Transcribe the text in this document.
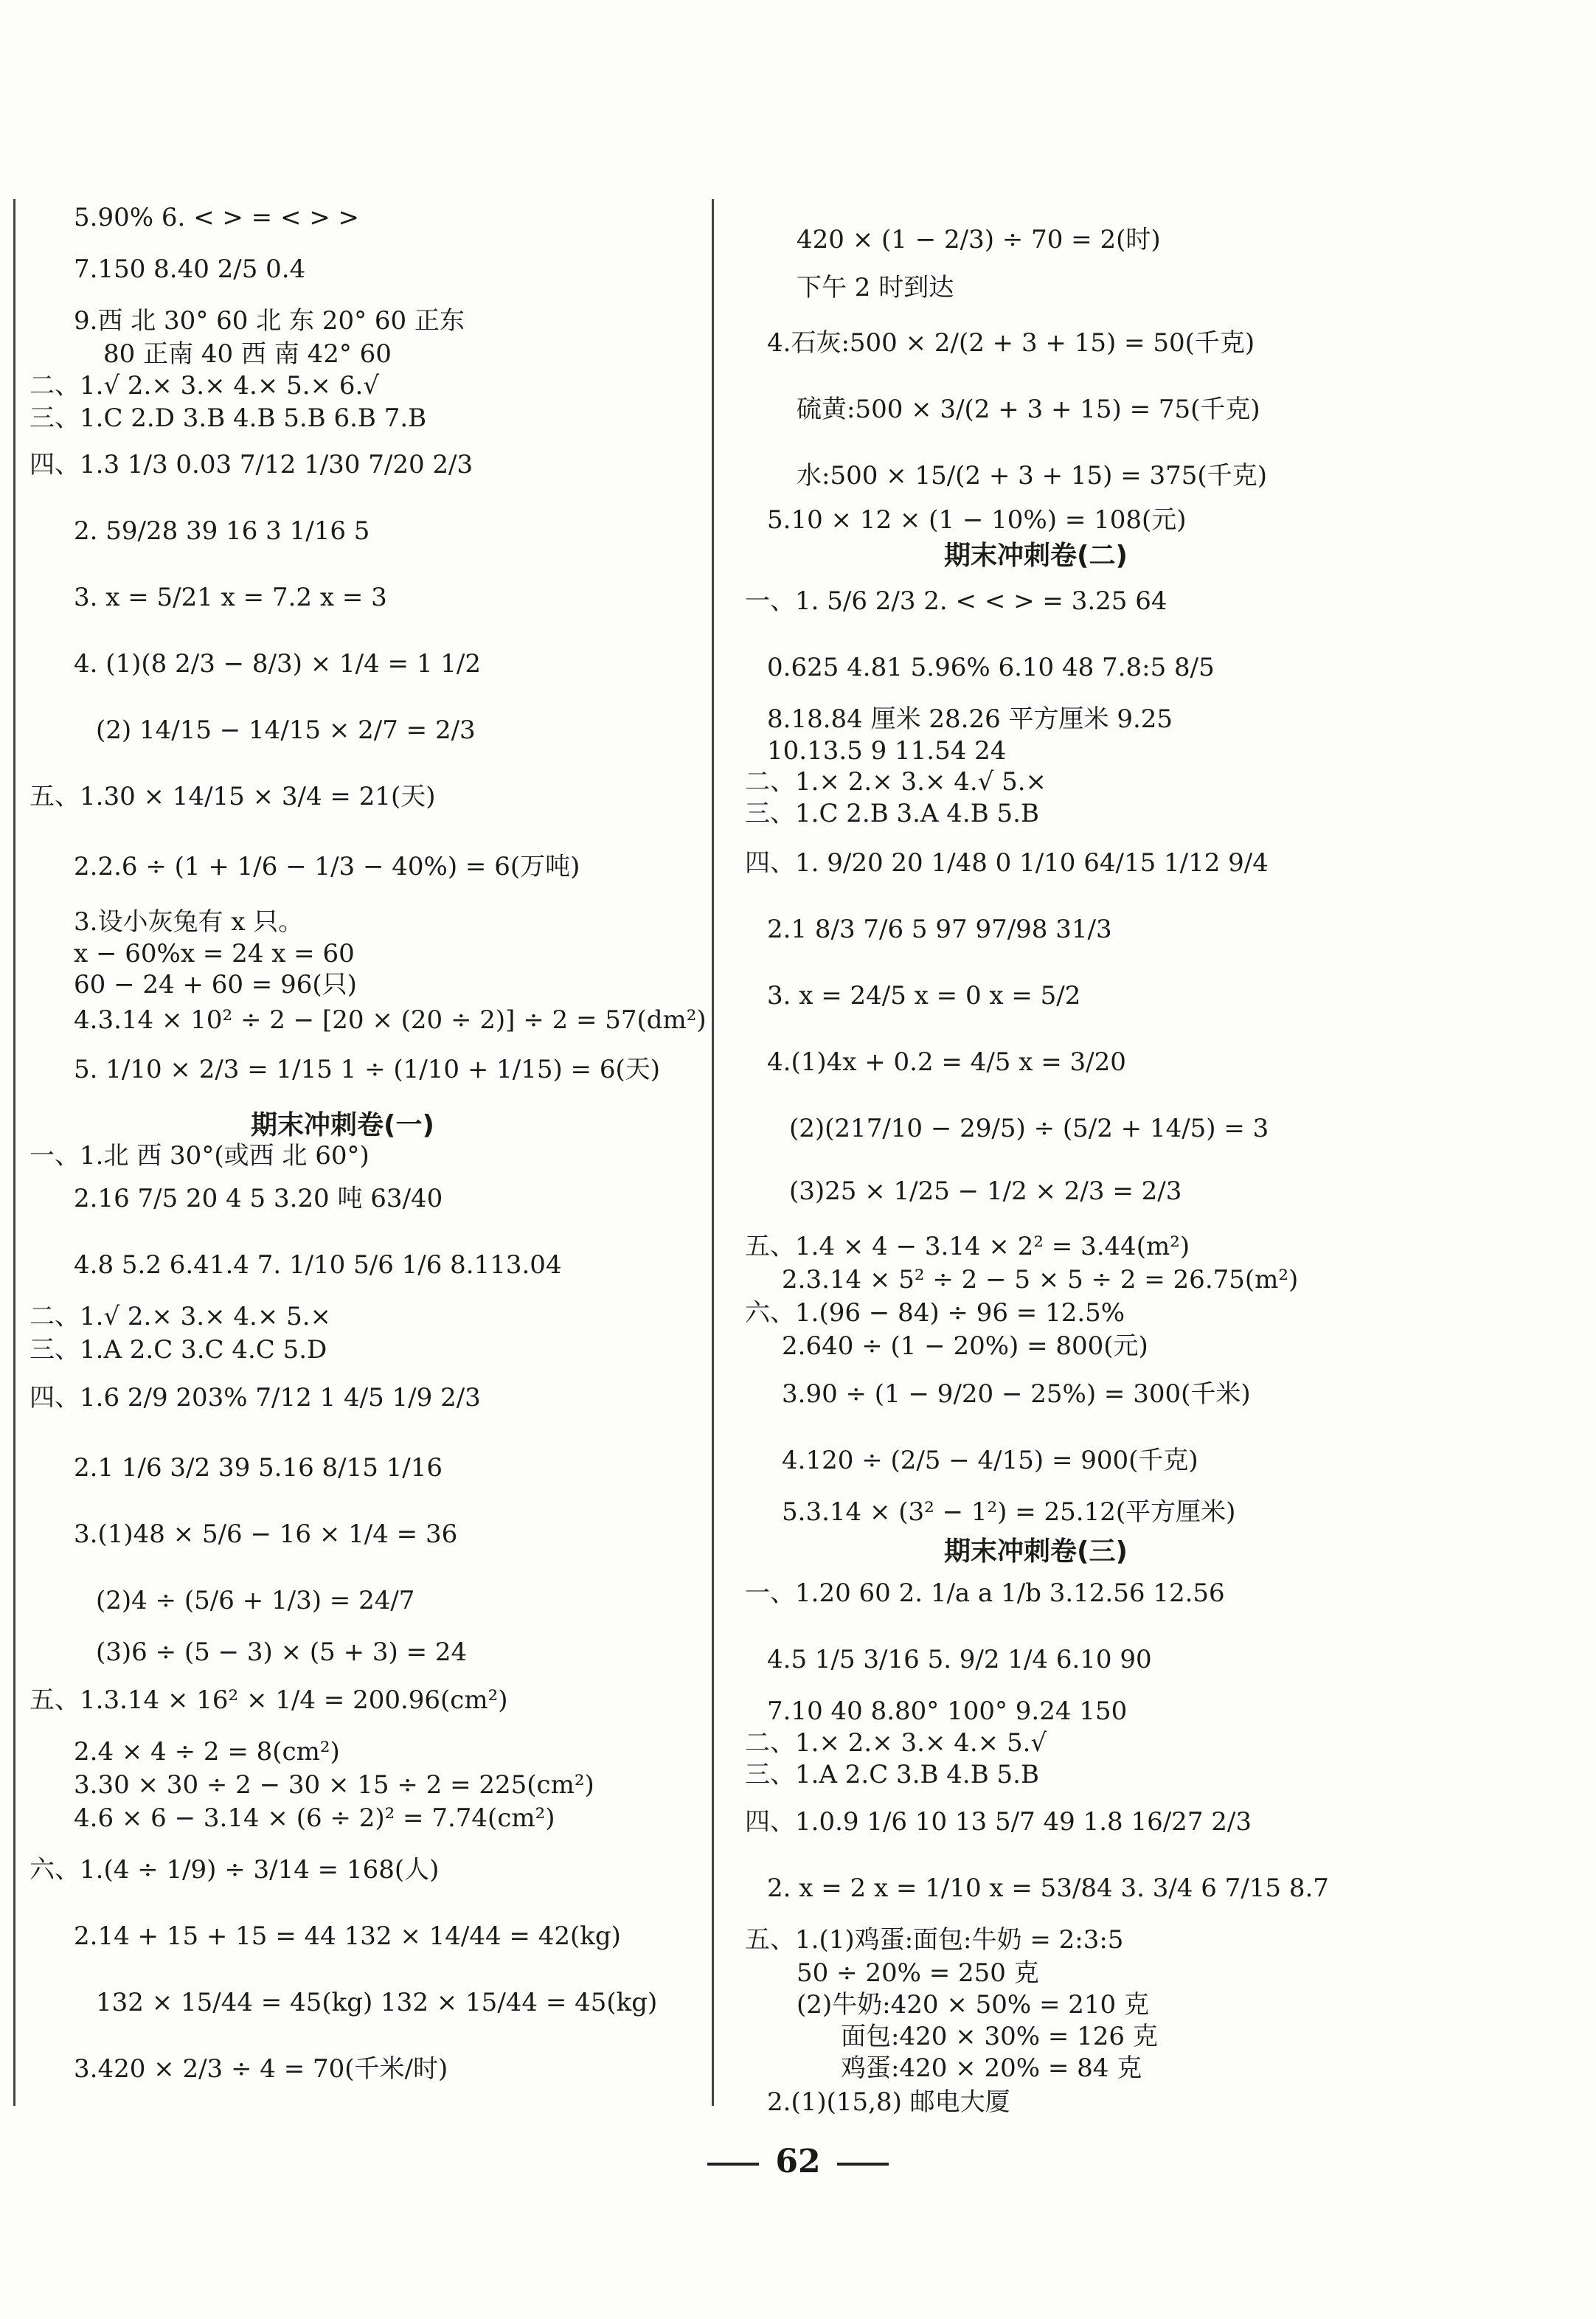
5.90% 6. < > = < > >
7.150 8.40 2/5 0.4
9.西 北 30° 60 北 东 20° 60 正东
80 正南 40 西 南 42° 60
二、1.√ 2.× 3.× 4.× 5.× 6.√
三、1.C 2.D 3.B 4.B 5.B 6.B 7.B
四、1.3 1/3 0.03 7/12 1/30 7/20 2/3
2. 59/28 39 16 3 1/16 5
3. x = 5/21 x = 7.2 x = 3
4. (1)(8 2/3 − 8/3) × 1/4 = 1 1/2
(2) 14/15 − 14/15 × 2/7 = 2/3
五、1.30 × 14/15 × 3/4 = 21(天)
2.2.6 ÷ (1 + 1/6 − 1/3 − 40%) = 6(万吨)
3.设小灰兔有 x 只。
x − 60%x = 24 x = 60
60 − 24 + 60 = 96(只)
4.3.14 × 10² ÷ 2 − [20 × (20 ÷ 2)] ÷ 2 = 57(dm²)
5. 1/10 × 2/3 = 1/15 1 ÷ (1/10 + 1/15) = 6(天)
期末冲刺卷(一)
一、1.北 西 30°(或西 北 60°)
2.16 7/5 20 4 5 3.20 吨 63/40
4.8 5.2 6.41.4 7. 1/10 5/6 1/6 8.113.04
二、1.√ 2.× 3.× 4.× 5.×
三、1.A 2.C 3.C 4.C 5.D
四、1.6 2/9 203% 7/12 1 4/5 1/9 2/3
2.1 1/6 3/2 39 5.16 8/15 1/16
3.(1)48 × 5/6 − 16 × 1/4 = 36
(2)4 ÷ (5/6 + 1/3) = 24/7
(3)6 ÷ (5 − 3) × (5 + 3) = 24
五、1.3.14 × 16² × 1/4 = 200.96(cm²)
2.4 × 4 ÷ 2 = 8(cm²)
3.30 × 30 ÷ 2 − 30 × 15 ÷ 2 = 225(cm²)
4.6 × 6 − 3.14 × (6 ÷ 2)² = 7.74(cm²)
六、1.(4 ÷ 1/9) ÷ 3/14 = 168(人)
2.14 + 15 + 15 = 44 132 × 14/44 = 42(kg)
132 × 15/44 = 45(kg) 132 × 15/44 = 45(kg)
3.420 × 2/3 ÷ 4 = 70(千米/时)
420 × (1 − 2/3) ÷ 70 = 2(时)
下午 2 时到达
4.石灰:500 × 2/(2 + 3 + 15) = 50(千克)
硫黄:500 × 3/(2 + 3 + 15) = 75(千克)
水:500 × 15/(2 + 3 + 15) = 375(千克)
5.10 × 12 × (1 − 10%) = 108(元)
期末冲刺卷(二)
一、1. 5/6 2/3 2. < < > = 3.25 64
0.625 4.81 5.96% 6.10 48 7.8:5 8/5
8.18.84 厘米 28.26 平方厘米 9.25
10.13.5 9 11.54 24
二、1.× 2.× 3.× 4.√ 5.×
三、1.C 2.B 3.A 4.B 5.B
四、1. 9/20 20 1/48 0 1/10 64/15 1/12 9/4
2.1 8/3 7/6 5 97 97/98 31/3
3. x = 24/5 x = 0 x = 5/2
4.(1)4x + 0.2 = 4/5 x = 3/20
(2)(217/10 − 29/5) ÷ (5/2 + 14/5) = 3
(3)25 × 1/25 − 1/2 × 2/3 = 2/3
五、1.4 × 4 − 3.14 × 2² = 3.44(m²)
2.3.14 × 5² ÷ 2 − 5 × 5 ÷ 2 = 26.75(m²)
六、1.(96 − 84) ÷ 96 = 12.5%
2.640 ÷ (1 − 20%) = 800(元)
3.90 ÷ (1 − 9/20 − 25%) = 300(千米)
4.120 ÷ (2/5 − 4/15) = 900(千克)
5.3.14 × (3² − 1²) = 25.12(平方厘米)
期末冲刺卷(三)
一、1.20 60 2. 1/a a 1/b 3.12.56 12.56
4.5 1/5 3/16 5. 9/2 1/4 6.10 90
7.10 40 8.80° 100° 9.24 150
二、1.× 2.× 3.× 4.× 5.√
三、1.A 2.C 3.B 4.B 5.B
四、1.0.9 1/6 10 13 5/7 49 1.8 16/27 2/3
2. x = 2 x = 1/10 x = 53/84 3. 3/4 6 7/15 8.7
五、1.(1)鸡蛋:面包:牛奶 = 2:3:5
50 ÷ 20% = 250 克
(2)牛奶:420 × 50% = 210 克
面包:420 × 30% = 126 克
鸡蛋:420 × 20% = 84 克
2.(1)(15,8) 邮电大厦
62
